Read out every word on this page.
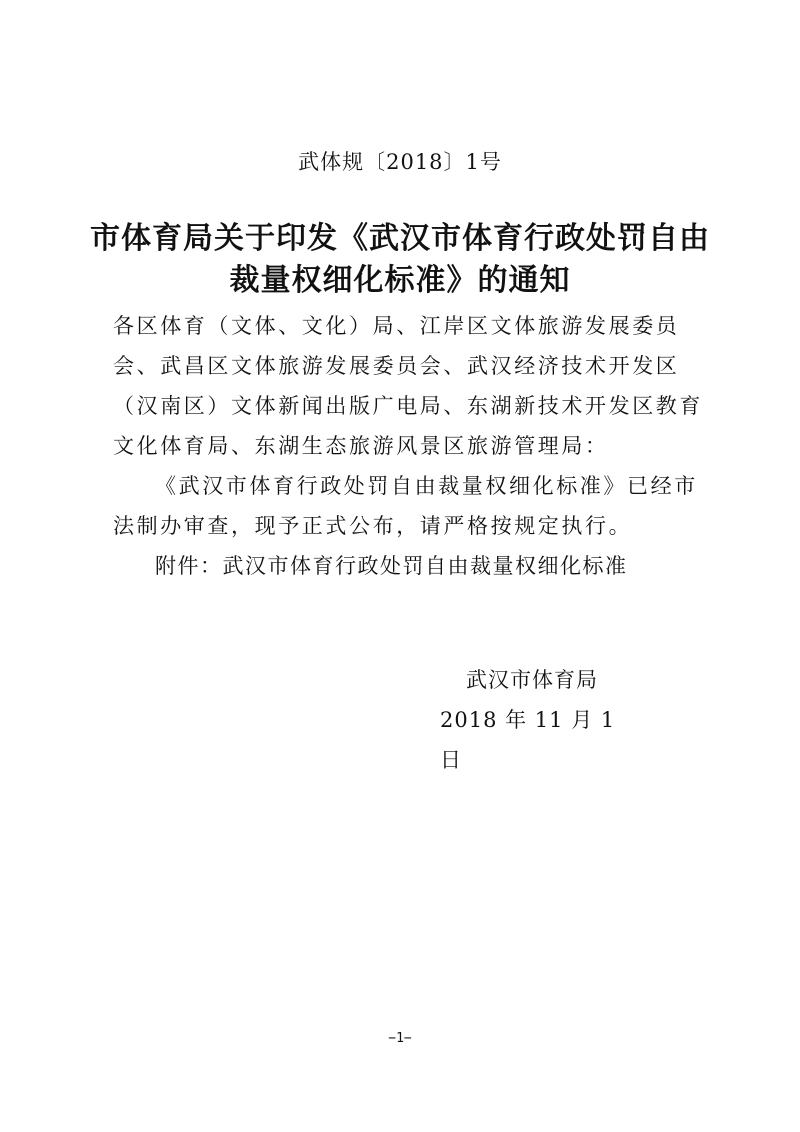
武体规〔2018〕1号
市体育局关于印发《武汉市体育行政处罚自由
裁量权细化标准》的通知

各区体育（文体、文化）局、江岸区文体旅游发展委员会、武昌区文体旅游发展委员会、武汉经济技术开发区（汉南区）文体新闻出版广电局、东湖新技术开发区教育文化体育局、东湖生态旅游风景区旅游管理局：

《武汉市体育行政处罚自由裁量权细化标准》已经市法制办审查，现予正式公布，请严格按规定执行。

附件：武汉市体育行政处罚自由裁量权细化标准
武汉市体育局
2018 年 11 月 1 日
−1−
